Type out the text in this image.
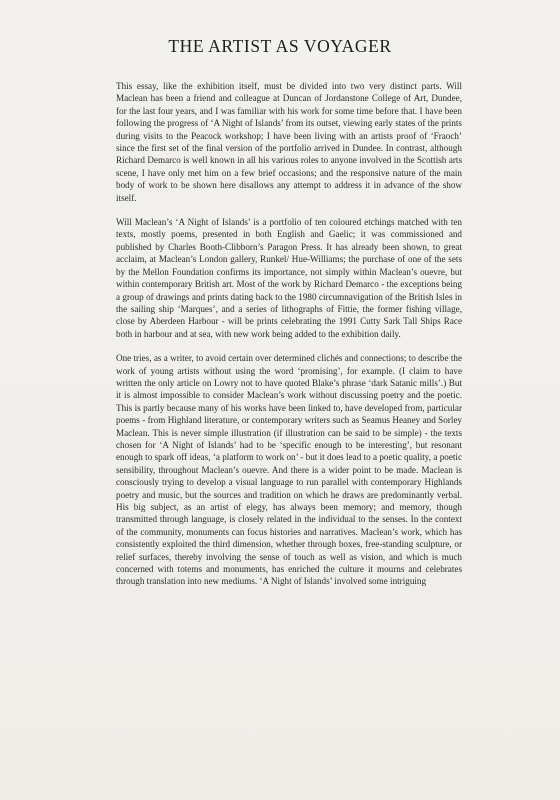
THE ARTIST AS VOYAGER

This essay, like the exhibition itself, must be divided into two very distinct parts. Will Maclean has been a friend and colleague at Duncan of Jordanstone College of Art, Dundee, for the last four years, and I was familiar with his work for some time before that. I have been following the progress of ‘A Night of Islands’ from its outset, viewing early states of the prints during visits to the Peacock workshop; I have been living with an artists proof of ‘Fraoch’ since the first set of the final version of the portfolio arrived in Dundee. In contrast, although Richard Demarco is well known in all his various roles to anyone involved in the Scottish arts scene, I have only met him on a few brief occasions; and the responsive nature of the main body of work to be shown here disallows any attempt to address it in advance of the show itself.

Will Maclean’s ‘A Night of Islands’ is a portfolio of ten coloured etchings matched with ten texts, mostly poems, presented in both English and Gaelic; it was commissioned and published by Charles Booth-Clibborn’s Paragon Press. It has already been shown, to great acclaim, at Maclean’s London gallery, Runkel/ Hue-Williams; the purchase of one of the sets by the Mellon Foundation confirms its importance, not simply within Maclean’s ouevre, but within contemporary British art. Most of the work by Richard Demarco - the exceptions being a group of drawings and prints dating back to the 1980 circumnavigation of the British Isles in the sailing ship ‘Marques’, and a series of lithographs of Fittie, the former fishing village, close by Aberdeen Harbour - will be prints celebrating the 1991 Cutty Sark Tall Ships Race both in harbour and at sea, with new work being added to the exhibition daily.

One tries, as a writer, to avoid certain over determined clichés and connections; to describe the work of young artists without using the word ‘promising’, for example. (I claim to have written the only article on Lowry not to have quoted Blake’s phrase ‘dark Satanic mills’.) But it is almost impossible to consider Maclean’s work without discussing poetry and the poetic. This is partly because many of his works have been linked to, have developed from, particular poems - from Highland literature, or contemporary writers such as Seamus Heaney and Sorley Maclean. This is never simple illustration (if illustration can be said to be simple) - the texts chosen for ‘A Night of Islands’ had to be ‘specific enough to be interesting’, but resonant enough to spark off ideas, ‘a platform to work on’ - but it does lead to a poetic quality, a poetic sensibility, throughout Maclean’s ouevre. And there is a wider point to be made. Maclean is consciously trying to develop a visual language to run parallel with contemporary Highlands poetry and music, but the sources and tradition on which he draws are predominantly verbal. His big subject, as an artist of elegy, has always been memory; and memory, though transmitted through language, is closely related in the individual to the senses. In the context of the community, monuments can focus histories and narratives. Maclean’s work, which has consistently exploited the third dimension, whether through boxes, free-standing sculpture, or relief surfaces, thereby involving the sense of touch as well as vision, and which is much concerned with totems and monuments, has enriched the culture it mourns and celebrates through translation into new mediums. ‘A Night of Islands’ involved some intriguing
